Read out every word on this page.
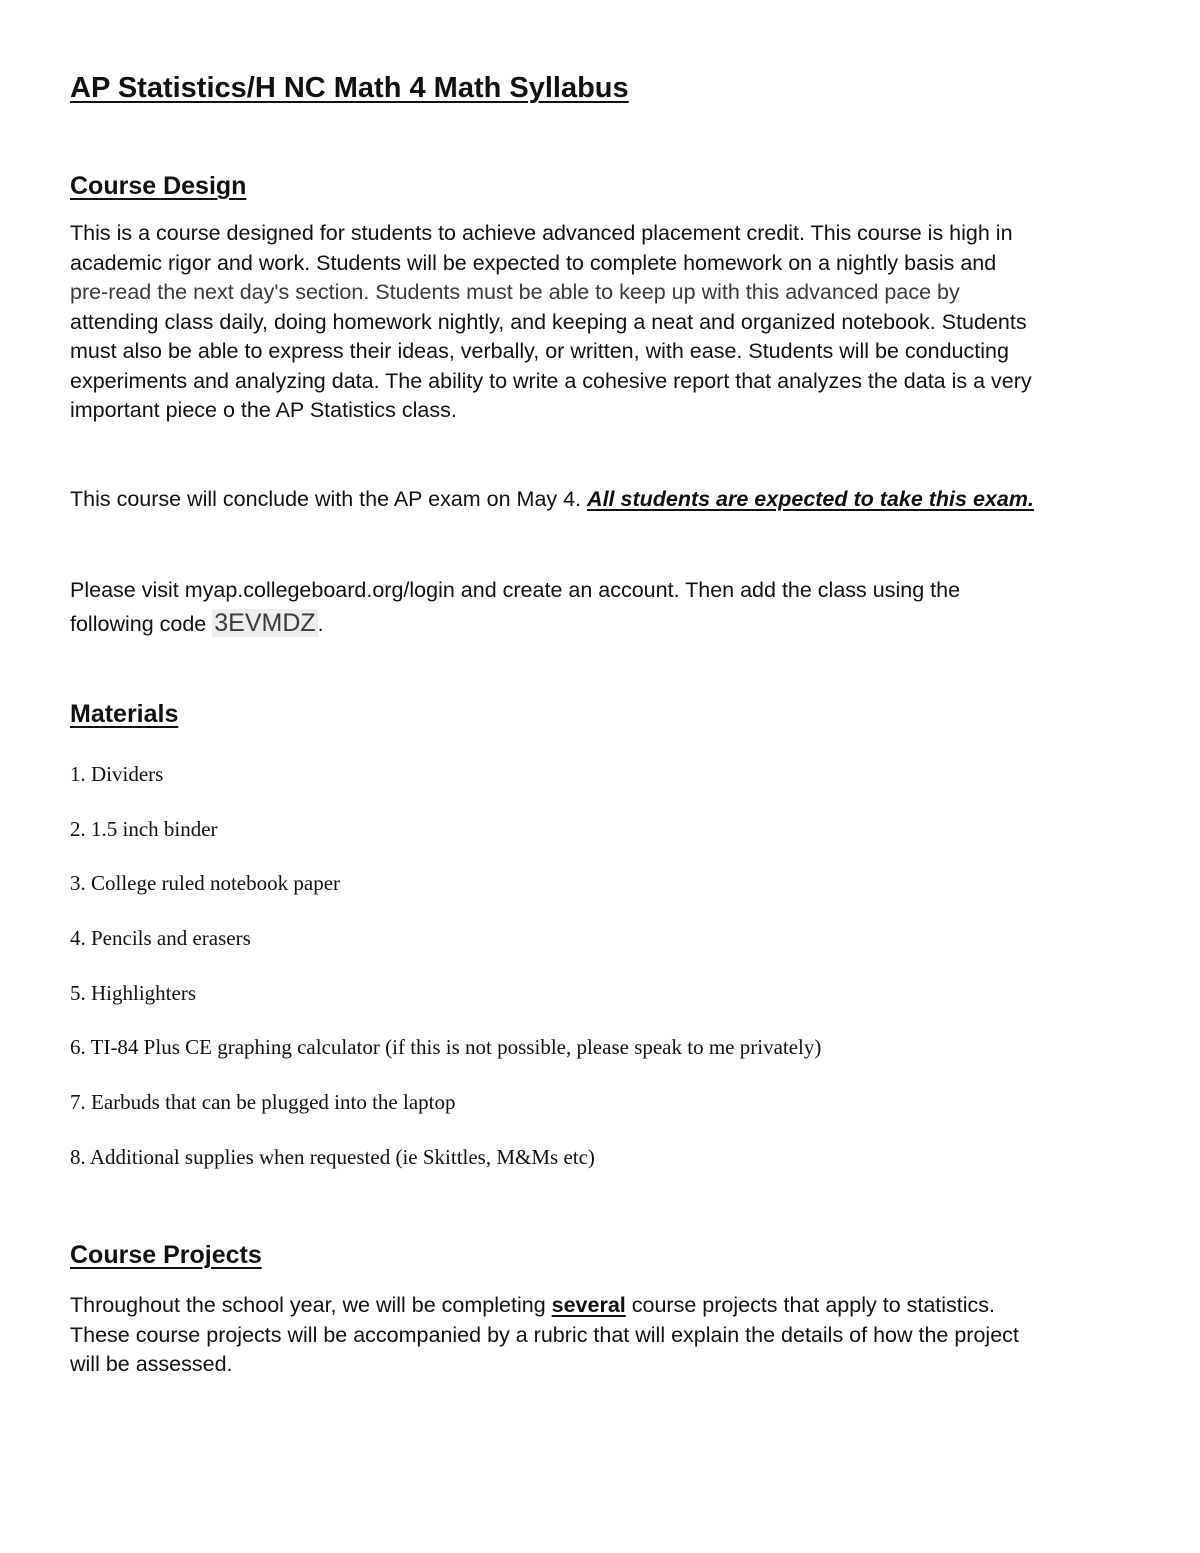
AP Statistics/H NC Math 4 Math Syllabus
Course Design

This is a course designed for students to achieve advanced placement credit. This course is high in
academic rigor and work. Students will be expected to complete homework on a nightly basis and
pre-read the next day's section. Students must be able to keep up with this advanced pace by
attending class daily, doing homework nightly, and keeping a neat and organized notebook. Students
must also be able to express their ideas, verbally, or written, with ease. Students will be conducting
experiments and analyzing data. The ability to write a cohesive report that analyzes the data is a very
important piece o the AP Statistics class.

This course will conclude with the AP exam on May 4. All students are expected to take this exam.

Please visit myap.collegeboard.org/login and create an account. Then add the class using the
following code 3EVMDZ.

Materials
1. Dividers
2. 1.5 inch binder
3. College ruled notebook paper
4. Pencils and erasers
5. Highlighters
6. TI-84 Plus CE graphing calculator (if this is not possible, please speak to me privately)
7. Earbuds that can be plugged into the laptop
8. Additional supplies when requested (ie Skittles, M&Ms etc)
Course Projects

Throughout the school year, we will be completing several course projects that apply to statistics.
These course projects will be accompanied by a rubric that will explain the details of how the project
will be assessed.
